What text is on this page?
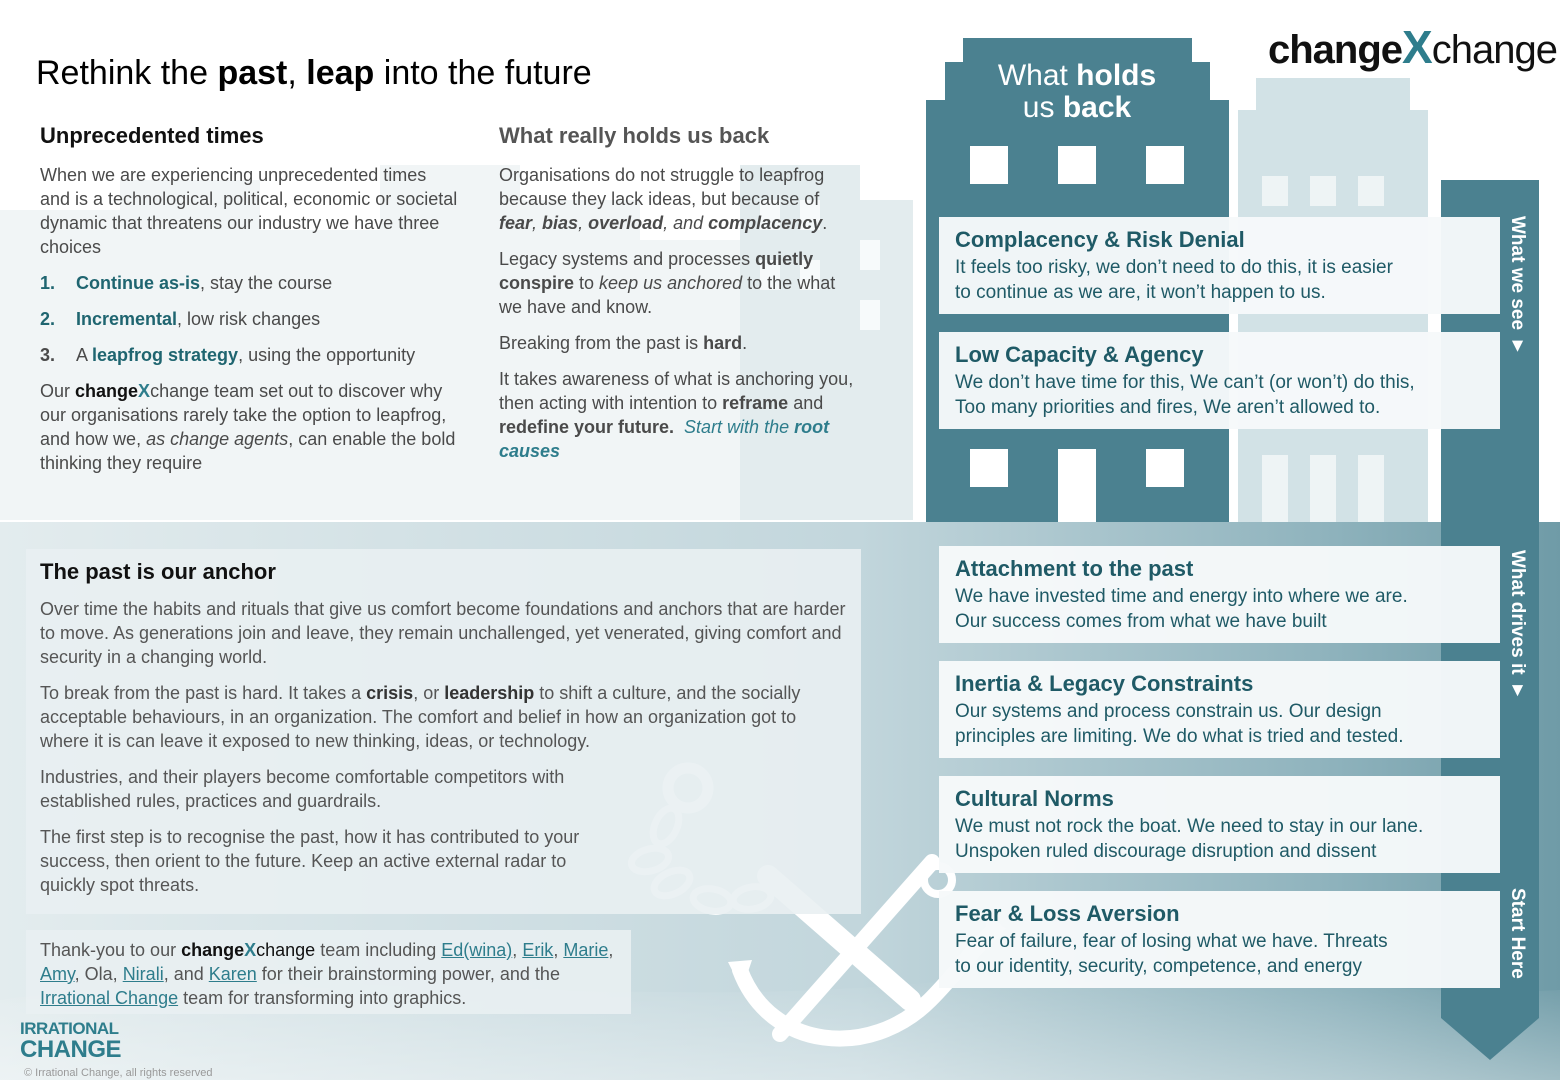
Rethink the past, leap into the future
changeXchange
Unprecedented times

When we are experiencing unprecedented times and is a technological, political, economic or societal dynamic that threatens our industry we have three choices

1. Continue as-is, stay the course
2. Incremental, low risk changes
3. A leapfrog strategy, using the opportunity

Our changeXchange team set out to discover why our organisations rarely take the option to leapfrog, and how we, as change agents, can enable the bold thinking they require

What really holds us back

Organisations do not struggle to leapfrog because they lack ideas, but because of fear, bias, overload, and complacency.

Legacy systems and processes quietly conspire to keep us anchored to the what we have and know.

Breaking from the past is hard.

It takes awareness of what is anchoring you, then acting with intention to reframe and redefine your future. Start with the root causes

The past is our anchor

Over time the habits and rituals that give us comfort become foundations and anchors that are harder to move. As generations join and leave, they remain unchallenged, yet venerated, giving comfort and security in a changing world.

To break from the past is hard. It takes a crisis, or leadership to shift a culture, and the socially acceptable behaviours, in an organization. The comfort and belief in how an organization got to where it is can leave it exposed to new thinking, ideas, or technology.

Industries, and their players become comfortable competitors with established rules, practices and guardrails.

The first step is to recognise the past, how it has contributed to your success, then orient to the future. Keep an active external radar to quickly spot threats.

Thank-you to our changeXchange team including Ed(wina), Erik, Marie, Amy, Ola, Nirali, and Karen for their brainstorming power, and the Irrational Change team for transforming into graphics.
IRRATIONAL
CHANGE
© Irrational Change, all rights reserved
What holds
us back
Complacency & Risk Denial

It feels too risky, we don’t need to do this, it is easier

to continue as we are, it won’t happen to us.

Low Capacity & Agency

We don’t have time for this, We can’t (or won’t) do this,

Too many priorities and fires, We aren’t allowed to.

Attachment to the past

We have invested time and energy into where we are.

Our success comes from what we have built

Inertia & Legacy Constraints

Our systems and process constrain us. Our design

principles are limiting. We do what is tried and tested.

Cultural Norms

We must not rock the boat. We need to stay in our lane.

Unspoken ruled discourage disruption and dissent

Fear & Loss Aversion

Fear of failure, fear of losing what we have. Threats

to our identity, security, competence, and energy

What we see ▼
What drives it ▼
Start Here
